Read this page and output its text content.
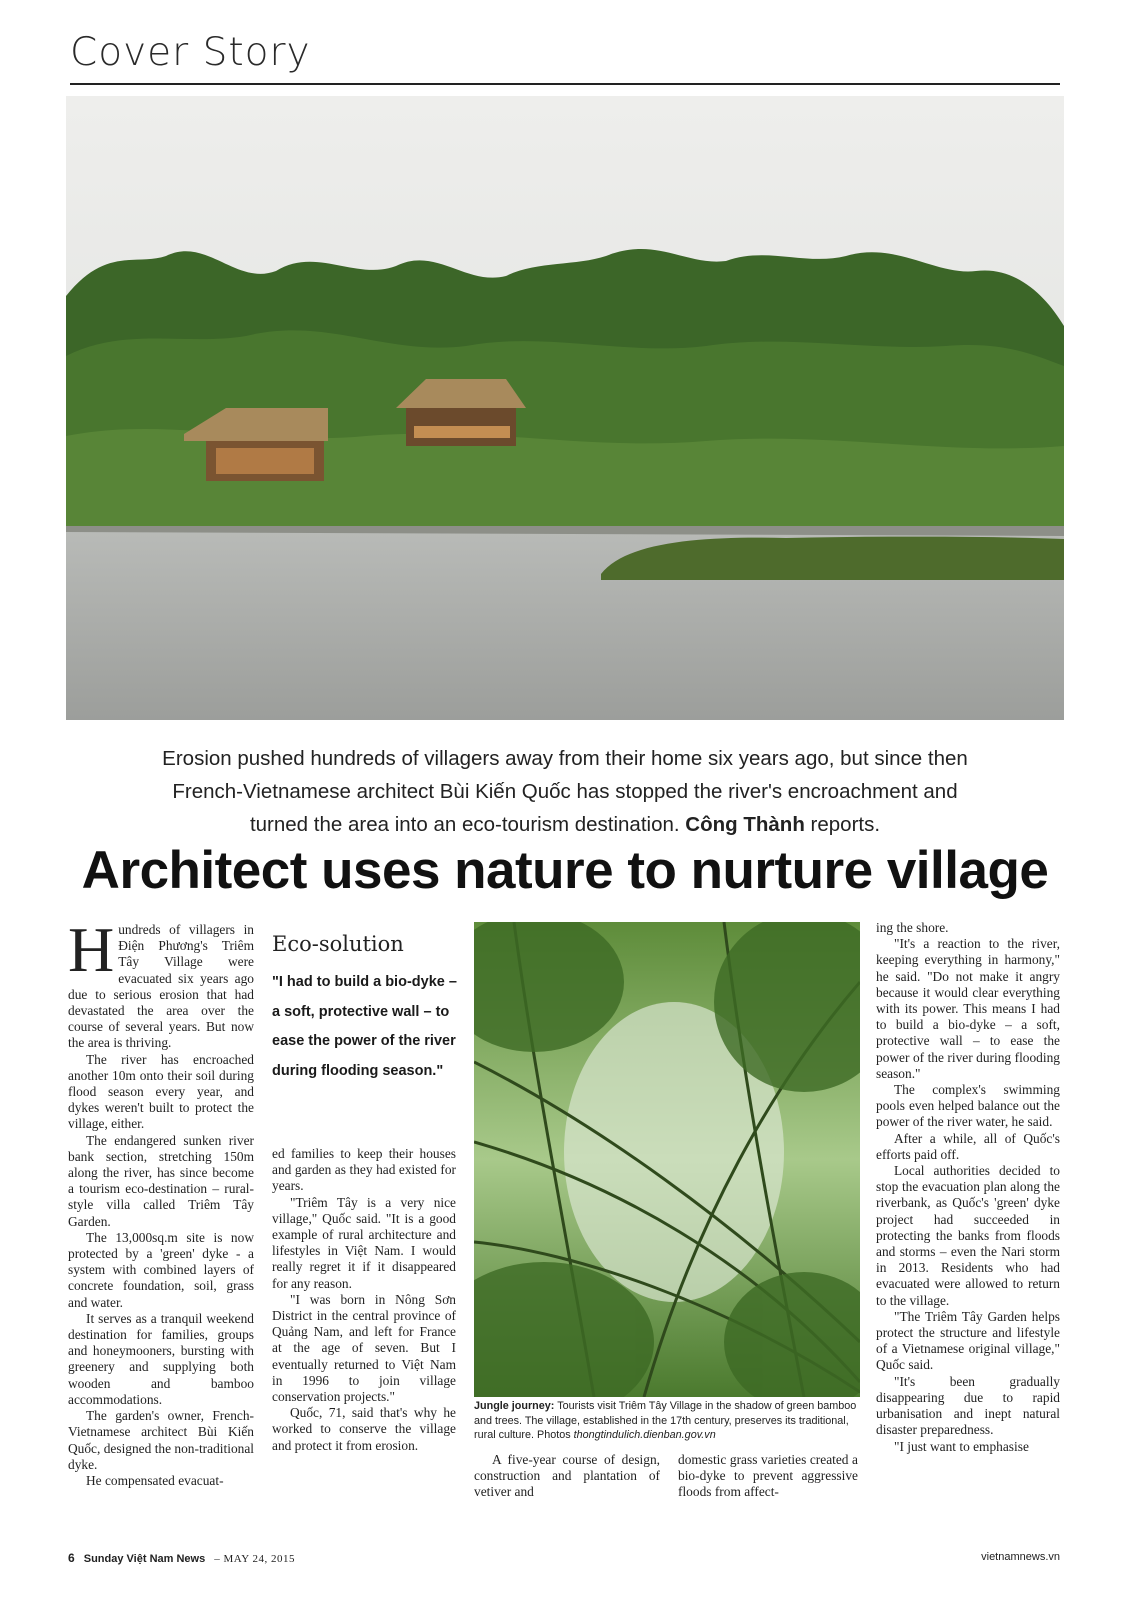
Cover Story
Erosion pushed hundreds of villagers away from their home six years ago, but since then
French-Vietnamese architect Bùi Kiến Quốc has stopped the river's encroachment and
turned the area into an eco-tourism destination. Công Thành reports.
Architect uses nature to nurture village
H undreds of villagers in Điện Phương's Triêm Tây Village were evacuated six years ago due to serious erosion that had devastated the area over the course of several years. But now the area is thriving.

The river has encroached another 10m onto their soil during flood season every year, and dykes weren't built to protect the village, either.

The endangered sunken river bank section, stretching 150m along the river, has since become a tourism eco-destination – rural-style villa called Triêm Tây Garden.

The 13,000sq.m site is now protected by a 'green' dyke - a system with combined layers of concrete foundation, soil, grass and water.

It serves as a tranquil weekend destination for families, groups and honeymooners, bursting with greenery and supplying both wooden and bamboo accommodations.

The garden's owner, French-Vietnamese architect Bùi Kiến Quốc, designed the non-traditional dyke.

He compensated evacuat-

Eco-solution
"I had to build a bio-dyke – a soft, protective wall – to ease the power of the river during flooding season."

ed families to keep their houses and garden as they had existed for years.

"Triêm Tây is a very nice village," Quốc said. "It is a good example of rural architecture and lifestyles in Việt Nam. I would really regret it if it disappeared for any reason.

"I was born in Nông Sơn District in the central province of Quảng Nam, and left for France at the age of seven. But I eventually returned to Việt Nam in 1996 to join village conservation projects."

Quốc, 71, said that's why he worked to conserve the village and protect it from erosion.

Jungle journey: Tourists visit Triêm Tây Village in the shadow of green bamboo and trees. The village, established in the 17th century, preserves its traditional, rural culture. Photos thongtindulich.dienban.gov.vn

A five-year course of design, construction and plantation of vetiver and

domestic grass varieties created a bio-dyke to prevent aggressive floods from affect-

ing the shore.

"It's a reaction to the river, keeping everything in harmony," he said. "Do not make it angry because it would clear everything with its power. This means I had to build a bio-dyke – a soft, protective wall – to ease the power of the river during flooding season."

The complex's swimming pools even helped balance out the power of the river water, he said.

After a while, all of Quốc's efforts paid off.

Local authorities decided to stop the evacuation plan along the riverbank, as Quốc's 'green' dyke project had succeeded in protecting the banks from floods and storms – even the Nari storm in 2013. Residents who had evacuated were allowed to return to the village.

"The Triêm Tây Garden helps protect the structure and lifestyle of a Vietnamese original village," Quốc said.

"It's been gradually disappearing due to rapid urbanisation and inept natural disaster preparedness.

"I just want to emphasise

6 Sunday Việt Nam News – MAY 24, 2015	vietnamnews.vn
